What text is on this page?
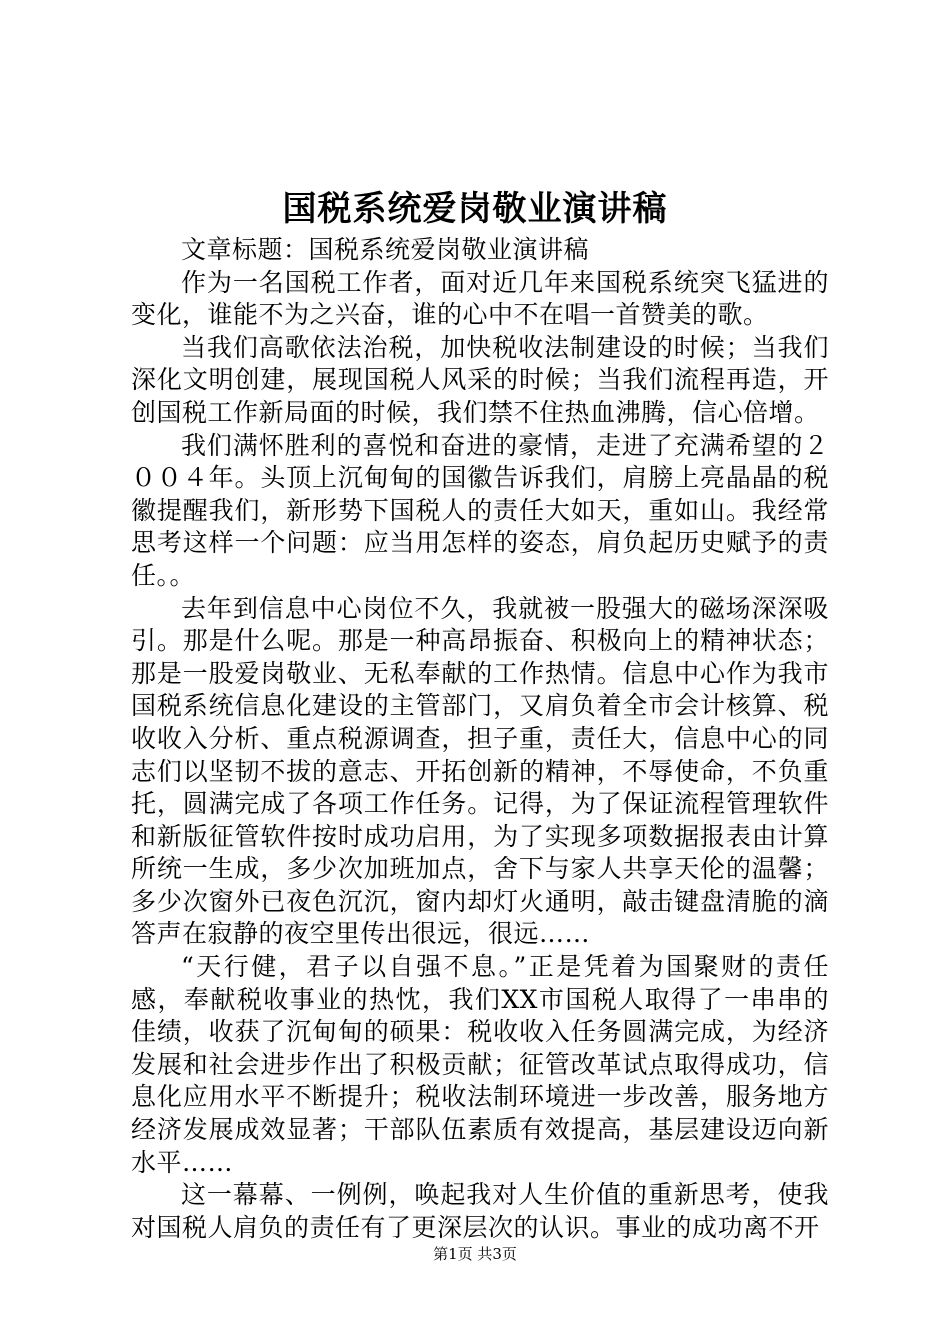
国税系统爱岗敬业演讲稿

文章标题：国税系统爱岗敬业演讲稿

作为一名国税工作者，面对近几年来国税系统突飞猛进的变化，谁能不为之兴奋，谁的心中不在唱一首赞美的歌。

当我们高歌依法治税，加快税收法制建设的时候；当我们深化文明创建，展现国税人风采的时候；当我们流程再造，开创国税工作新局面的时候，我们禁不住热血沸腾，信心倍增。

我们满怀胜利的喜悦和奋进的豪情，走进了充满希望的２００４年。头顶上沉甸甸的国徽告诉我们，肩膀上亮晶晶的税徽提醒我们，新形势下国税人的责任大如天，重如山。我经常思考这样一个问题：应当用怎样的姿态，肩负起历史赋予的责任。。

去年到信息中心岗位不久，我就被一股强大的磁场深深吸引。那是什么呢。那是一种高昂振奋、积极向上的精神状态；那是一股爱岗敬业、无私奉献的工作热情。信息中心作为我市国税系统信息化建设的主管部门，又肩负着全市会计核算、税收收入分析、重点税源调查，担子重，责任大，信息中心的同志们以坚韧不拔的意志、开拓创新的精神，不辱使命，不负重托，圆满完成了各项工作任务。记得，为了保证流程管理软件和新版征管软件按时成功启用，为了实现多项数据报表由计算所统一生成，多少次加班加点，舍下与家人共享天伦的温馨；多少次窗外已夜色沉沉，窗内却灯火通明，敲击键盘清脆的滴答声在寂静的夜空里传出很远，很远……

“天行健，君子以自强不息。”正是凭着为国聚财的责任感，奉献税收事业的热忱，我们XX市国税人取得了一串串的佳绩，收获了沉甸甸的硕果：税收收入任务圆满完成，为经济发展和社会进步作出了积极贡献；征管改革试点取得成功，信息化应用水平不断提升；税收法制环境进一步改善，服务地方经济发展成效显著；干部队伍素质有效提高，基层建设迈向新水平……

这一幕幕、一例例，唤起我对人生价值的重新思考，使我对国税人肩负的责任有了更深层次的认识。事业的成功离不开

第1页 共3页
